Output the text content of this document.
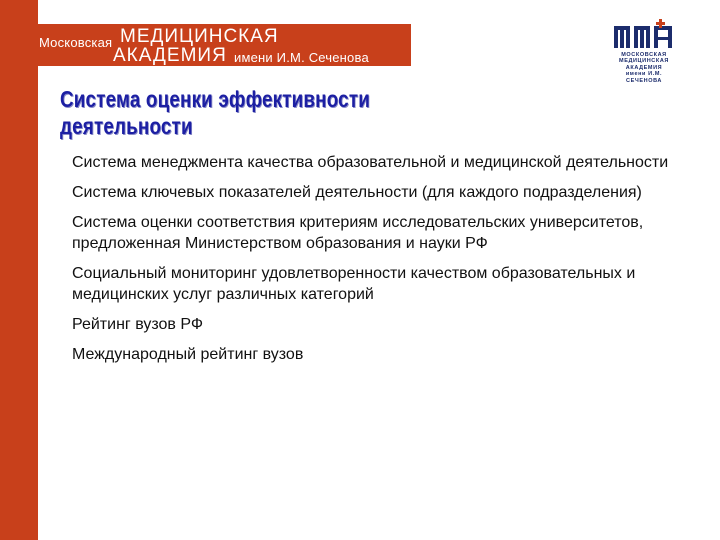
Московская МЕДИЦИНСКАЯ
АКАДЕМИЯ имени И.М. Сеченова	МОСКОВСКАЯ
МЕДИЦИНСКАЯ
АКАДЕМИЯ
имени И.М. СЕЧЕНОВА
Система оценки эффективности деятельности
Система менеджмента качества образовательной и медицинской деятельности
Система ключевых показателей деятельности (для каждого подразделения)
Система оценки соответствия критериям исследовательских университетов, предложенная Министерством образования и науки РФ
Социальный мониторинг удовлетворенности качеством образовательных и медицинских услуг различных категорий
Рейтинг вузов РФ
Международный рейтинг вузов
